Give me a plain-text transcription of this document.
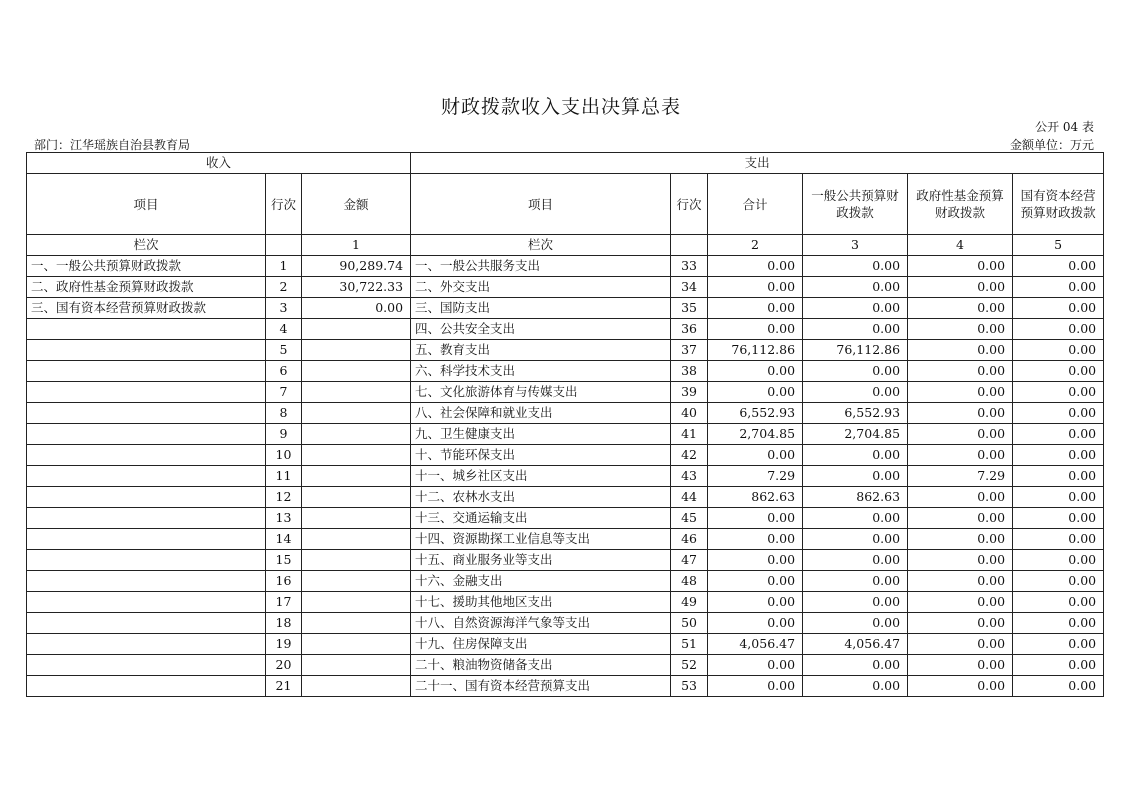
财政拨款收入支出决算总表
公开 04 表
部门：江华瑶族自治县教育局	金额单位：万元
收入			支出					
项目	行次	金额	项目	行次	合计	一般公共预算财政拨款	政府性基金预算财政拨款	国有资本经营预算财政拨款
栏次		1	栏次		2	3	4	5
一、一般公共预算财政拨款	1	90,289.74	一、一般公共服务支出	33	0.00	0.00	0.00	0.00
二、政府性基金预算财政拨款	2	30,722.33	二、外交支出	34	0.00	0.00	0.00	0.00
三、国有资本经营预算财政拨款	3	0.00	三、国防支出	35	0.00	0.00	0.00	0.00
	4		四、公共安全支出	36	0.00	0.00	0.00	0.00
	5		五、教育支出	37	76,112.86	76,112.86	0.00	0.00
	6		六、科学技术支出	38	0.00	0.00	0.00	0.00
	7		七、文化旅游体育与传媒支出	39	0.00	0.00	0.00	0.00
	8		八、社会保障和就业支出	40	6,552.93	6,552.93	0.00	0.00
	9		九、卫生健康支出	41	2,704.85	2,704.85	0.00	0.00
	10		十、节能环保支出	42	0.00	0.00	0.00	0.00
	11		十一、城乡社区支出	43	7.29	0.00	7.29	0.00
	12		十二、农林水支出	44	862.63	862.63	0.00	0.00
	13		十三、交通运输支出	45	0.00	0.00	0.00	0.00
	14		十四、资源勘探工业信息等支出	46	0.00	0.00	0.00	0.00
	15		十五、商业服务业等支出	47	0.00	0.00	0.00	0.00
	16		十六、金融支出	48	0.00	0.00	0.00	0.00
	17		十七、援助其他地区支出	49	0.00	0.00	0.00	0.00
	18		十八、自然资源海洋气象等支出	50	0.00	0.00	0.00	0.00
	19		十九、住房保障支出	51	4,056.47	4,056.47	0.00	0.00
	20		二十、粮油物资储备支出	52	0.00	0.00	0.00	0.00
	21		二十一、国有资本经营预算支出	53	0.00	0.00	0.00	0.00
